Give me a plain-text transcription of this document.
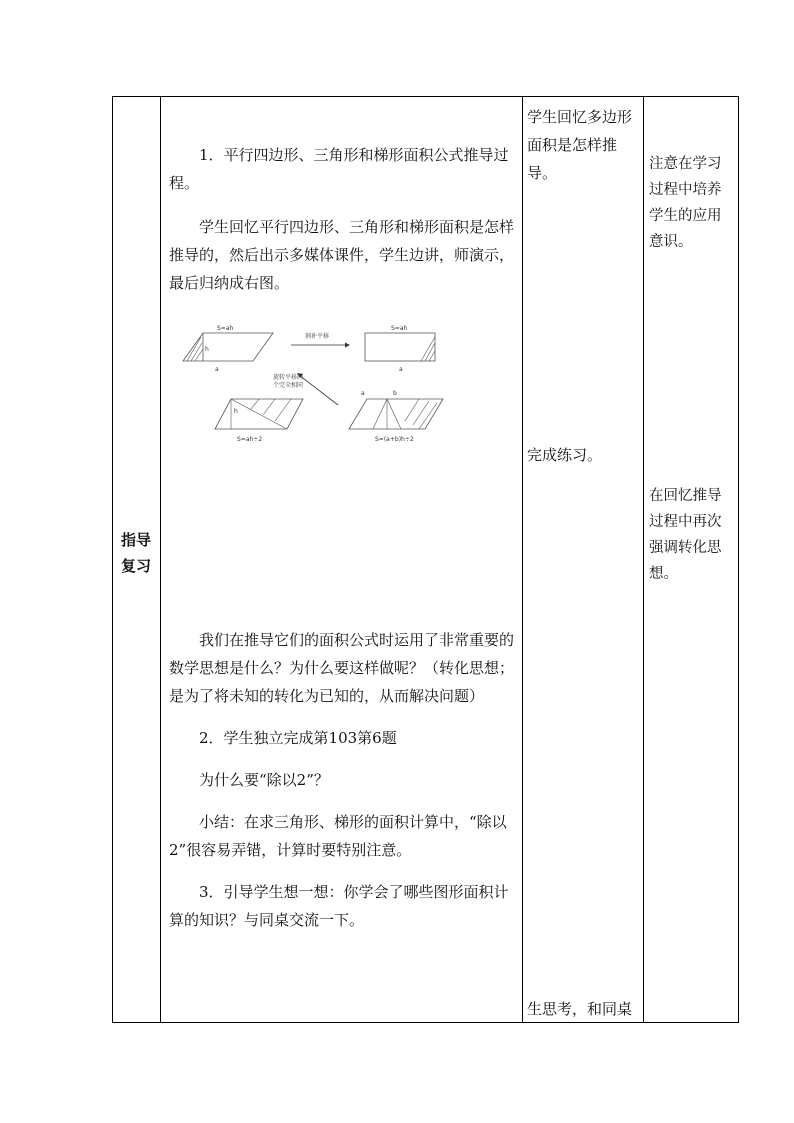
指导复习

1．平行四边形、三角形和梯形面积公式推导过程。

学生回忆平行四边形、三角形和梯形面积是怎样推导的，然后出示多媒体课件，学生边讲，师演示，最后归纳成右图。

S=ah
h
a
割补平移
S=ah
a
旋转平移两
个完全相同
h
S=ah÷2
a	b
S=(a+b)h÷2

我们在推导它们的面积公式时运用了非常重要的数学思想是什么？为什么要这样做呢？（转化思想；是为了将未知的转化为已知的，从而解决问题）

2．学生独立完成第103第6题

为什么要“除以2”？

小结：在求三角形、梯形的面积计算中，“除以2”很容易弄错，计算时要特别注意。

3．引导学生想一想：你学会了哪些图形面积计算的知识？与同桌交流一下。

学生回忆多边形面积是怎样推导。

完成练习。

生思考，和同桌

注意在学习过程中培养学生的应用意识。

在回忆推导过程中再次强调转化思想。
